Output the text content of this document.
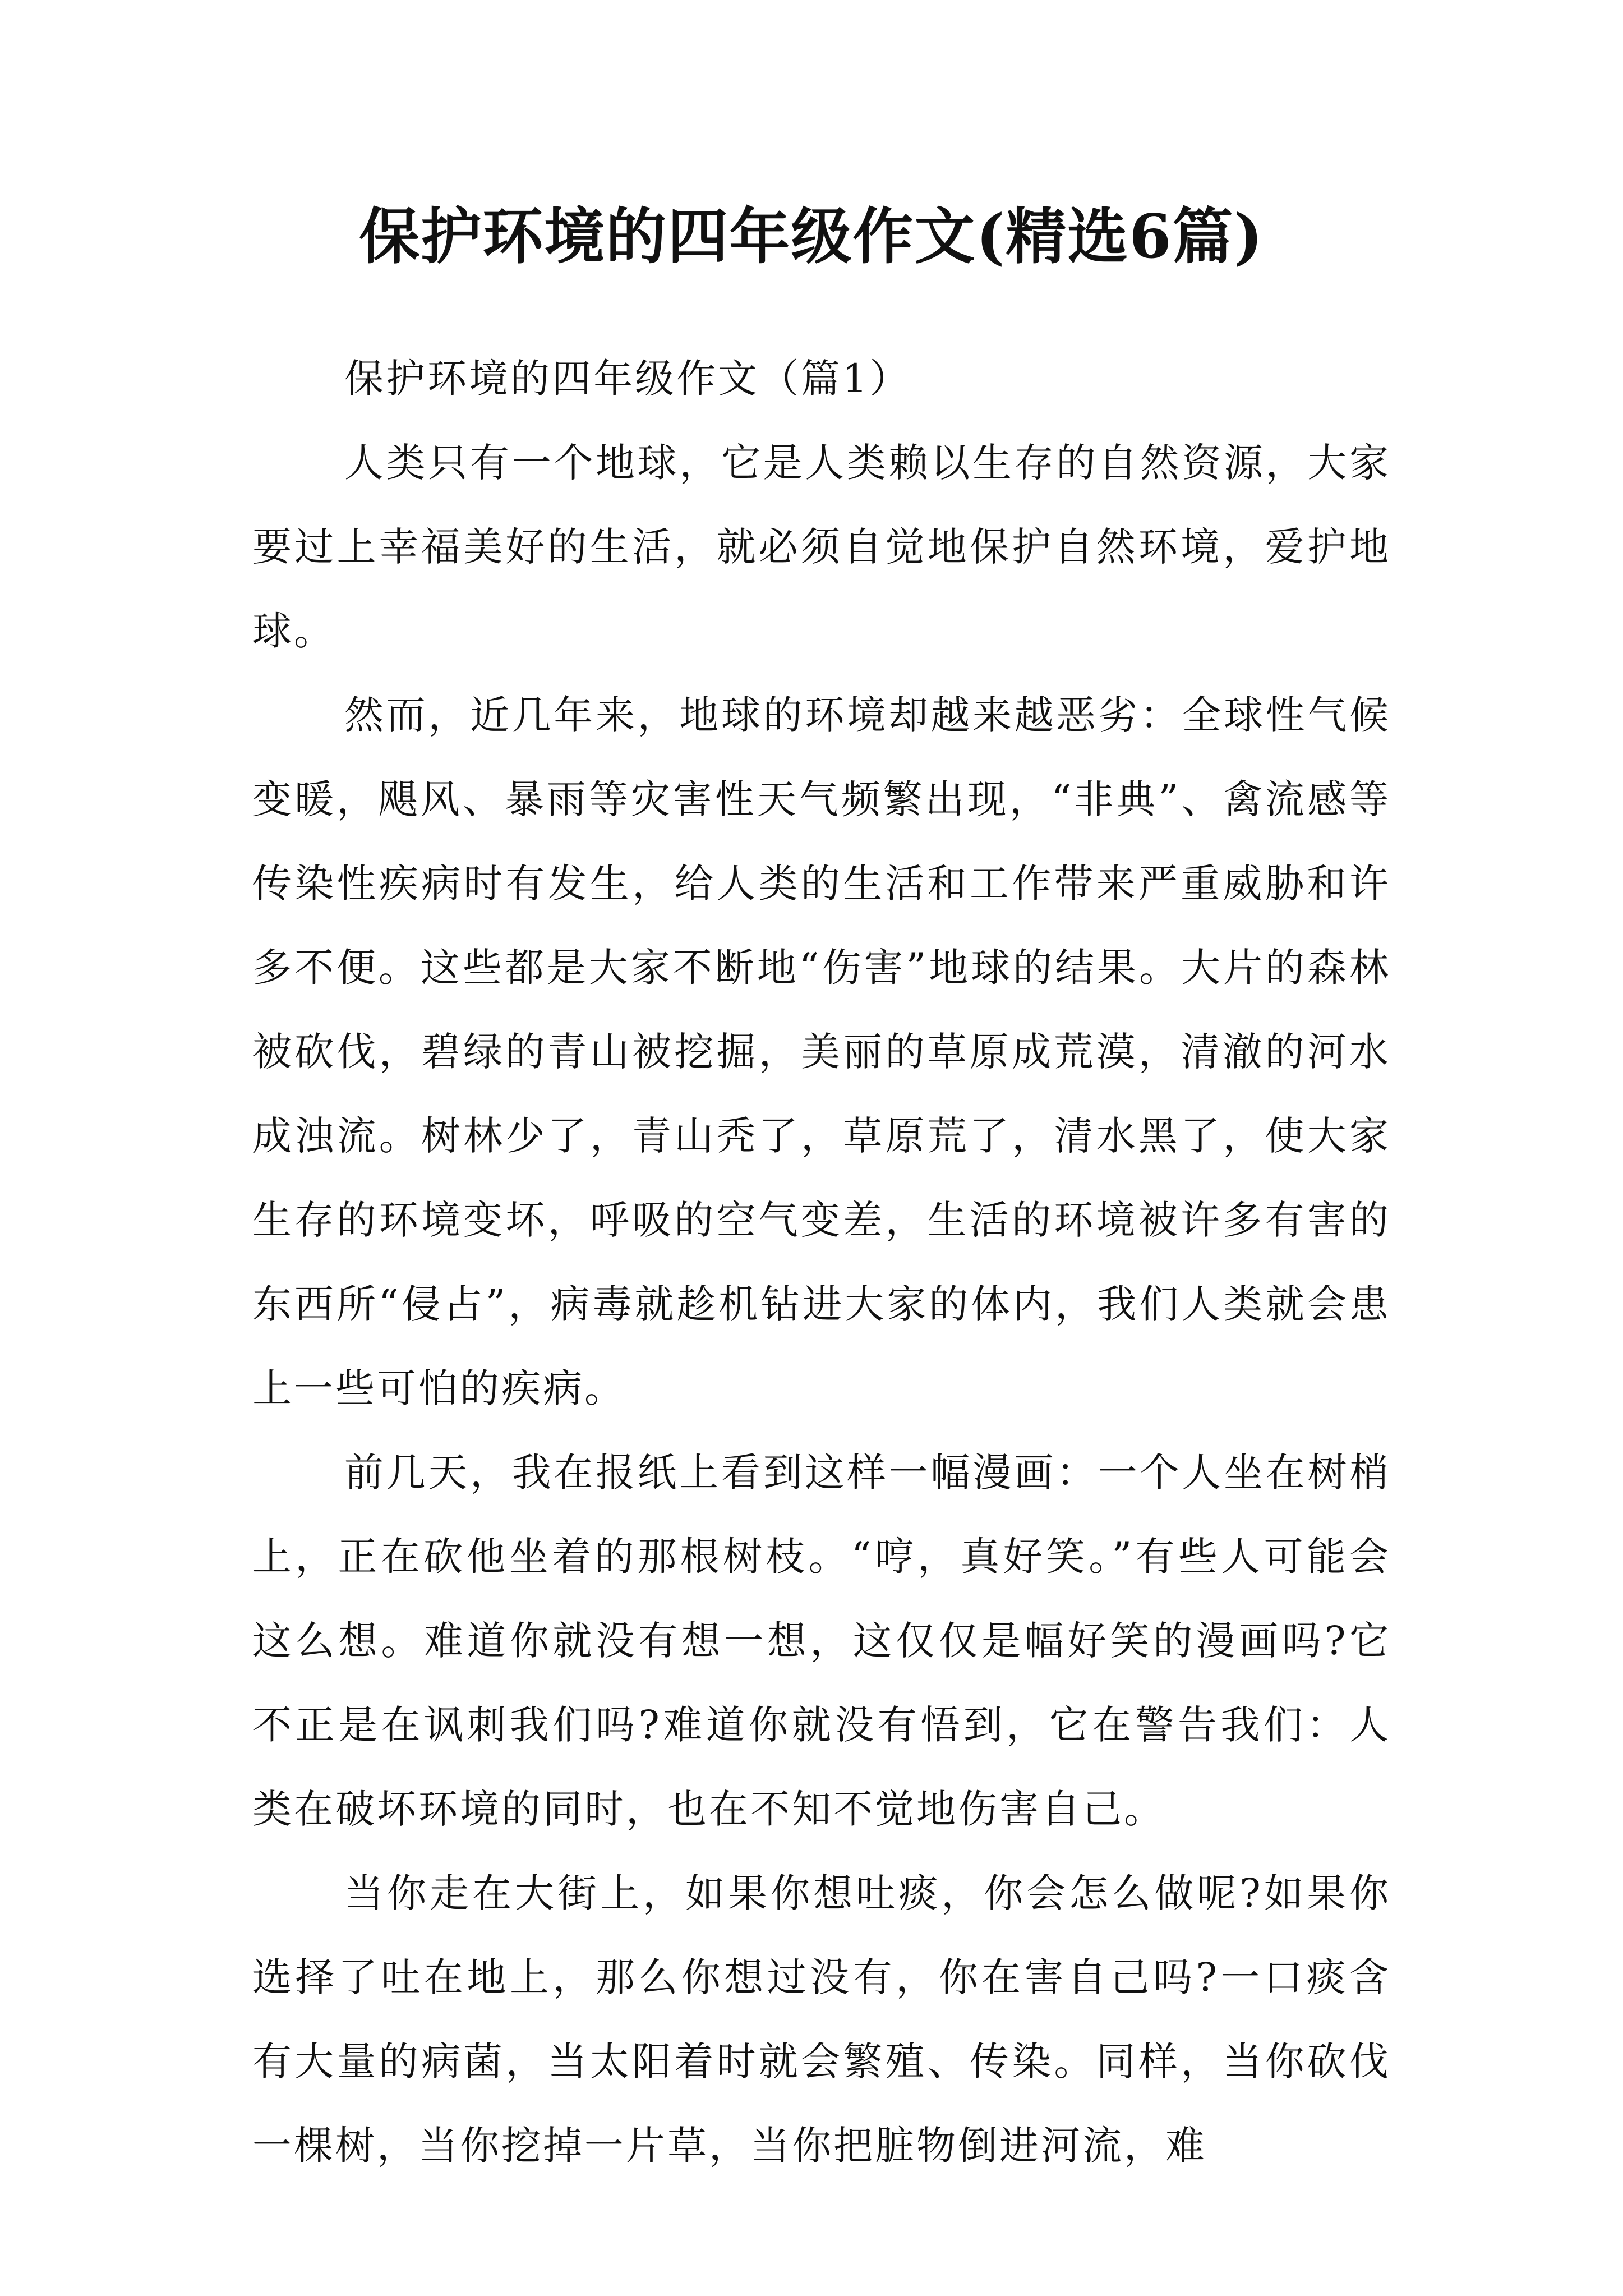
保护环境的四年级作文(精选6篇)

保护环境的四年级作文（篇1）

人类只有一个地球，它是人类赖以生存的自然资源，大家要过上幸福美好的生活，就必须自觉地保护自然环境，爱护地球。

然而，近几年来，地球的环境却越来越恶劣：全球性气候变暖，飓风、暴雨等灾害性天气频繁出现，“非典”、禽流感等传染性疾病时有发生，给人类的生活和工作带来严重威胁和许多不便。这些都是大家不断地“伤害”地球的结果。大片的森林被砍伐，碧绿的青山被挖掘，美丽的草原成荒漠，清澈的河水成浊流。树林少了，青山秃了，草原荒了，清水黑了，使大家生存的环境变坏，呼吸的空气变差，生活的环境被许多有害的东西所“侵占”，病毒就趁机钻进大家的体内，我们人类就会患上一些可怕的疾病。

前几天，我在报纸上看到这样一幅漫画：一个人坐在树梢上，正在砍他坐着的那根树枝。“哼，真好笑。”有些人可能会这么想。难道你就没有想一想，这仅仅是幅好笑的漫画吗?它不正是在讽刺我们吗?难道你就没有悟到，它在警告我们：人类在破坏环境的同时，也在不知不觉地伤害自己。

当你走在大街上，如果你想吐痰，你会怎么做呢?如果你选择了吐在地上，那么你想过没有，你在害自己吗?一口痰含有大量的病菌，当太阳着时就会繁殖、传染。同样，当你砍伐一棵树，当你挖掉一片草，当你把脏物倒进河流，难
